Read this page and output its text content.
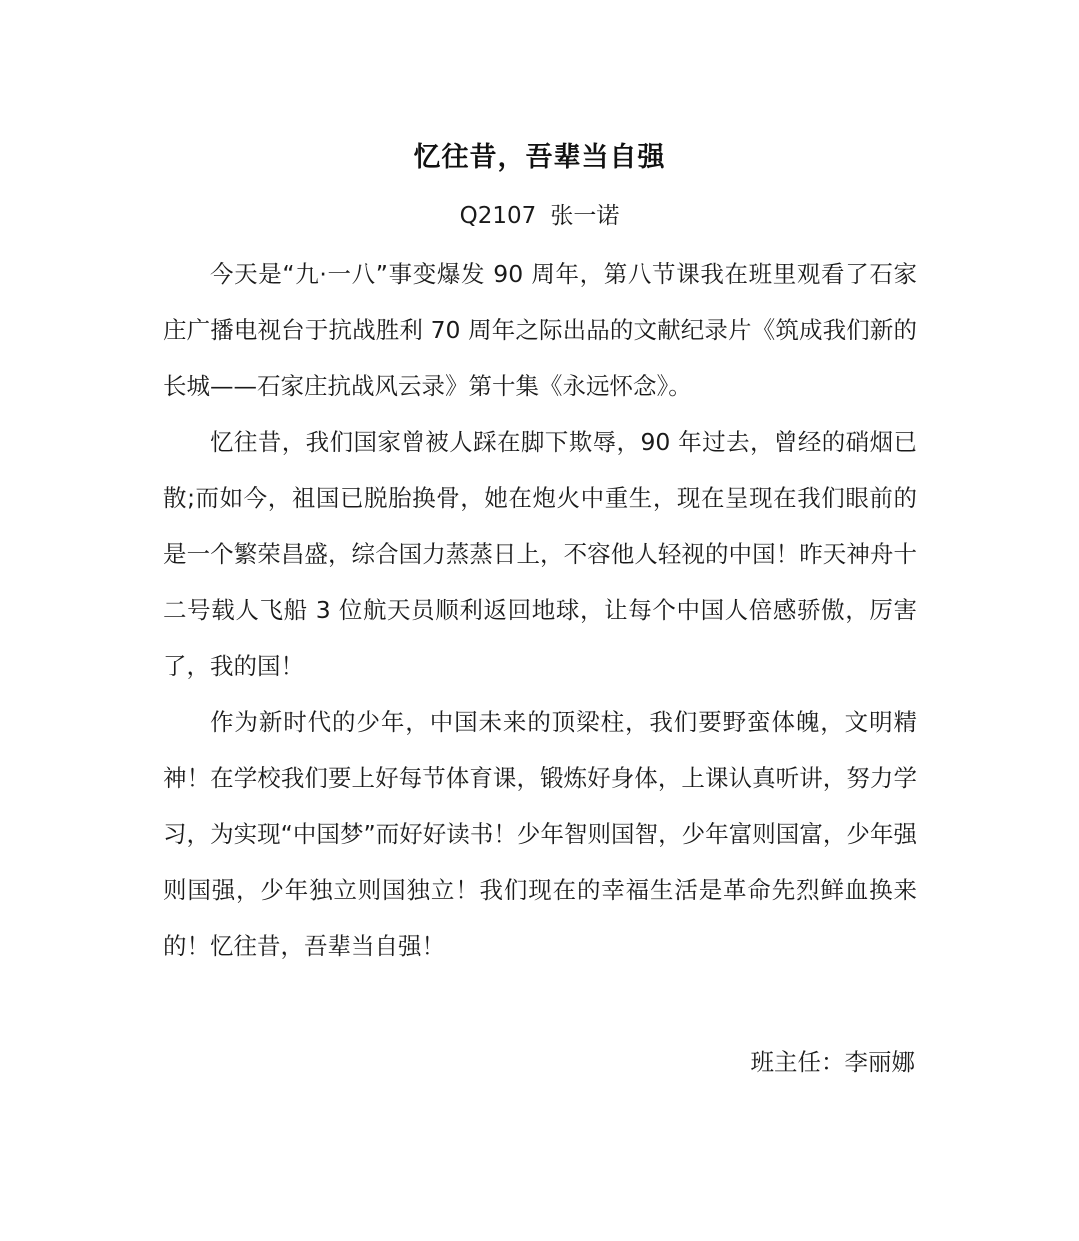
忆往昔，吾辈当自强
Q2107 张一诺

今天是“九·一八”事变爆发 90 周年，第八节课我在班里观看了石家庄广播电视台于抗战胜利 70 周年之际出品的文献纪录片《筑成我们新的长城——石家庄抗战风云录》第十集《永远怀念》。

忆往昔，我们国家曾被人踩在脚下欺辱，90 年过去，曾经的硝烟已散;而如今，祖国已脱胎换骨，她在炮火中重生，现在呈现在我们眼前的是一个繁荣昌盛，综合国力蒸蒸日上，不容他人轻视的中国！昨天神舟十二号载人飞船 3 位航天员顺利返回地球，让每个中国人倍感骄傲，厉害了，我的国！

作为新时代的少年，中国未来的顶梁柱，我们要野蛮体魄，文明精神！在学校我们要上好每节体育课，锻炼好身体，上课认真听讲，努力学习，为实现“中国梦”而好好读书！少年智则国智，少年富则国富，少年强则国强，少年独立则国独立！我们现在的幸福生活是革命先烈鲜血换来的！忆往昔，吾辈当自强！

班主任：李丽娜
